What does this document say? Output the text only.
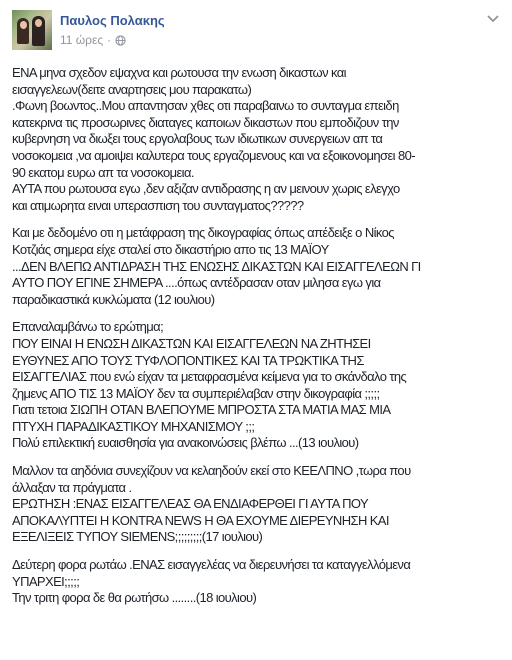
Παυλος Πολακης
11 ώρες ·
ΕΝΑ μηνα σχεδον εψαχνα και ρωτουσα την ενωση δικαστων και
εισαγγελεων(δειτε αναρτησεις μου παρακατω)
.Φωνη βοωντος..Μου απαντησαν χθες οτι παραβαινω το συνταγμα επειδη
κατεκρινα τις προσωρινες διαταγες καποιων δικαστων που εμποδιζουν την
κυβερνηση να διωξει τους εργολαβους των ιδιωτικων συνεργειων απ τα
νοσοκομεια ,να αμοιψει καλυτερα τους εργαζομενους και να εξοικονομησει 80-
90 εκατομ ευρω απ τα νοσοκομεια.
ΑΥΤΑ που ρωτουσα εγω ,δεν αξιζαν αντιδρασης η αν μεινουν χωρις ελεγχο
και ατιμωρητα ειναι υπερασπιση του συνταγματος?????
Και με δεδομένο οτι η μετάφραση της δικογραφίας όπως απέδειξε ο Νίκος
Κοτζιάς σημερα είχε σταλεί στο δικαστήριο απο τις 13 ΜΑΪΟΥ
...ΔΕΝ ΒΛΕΠΩ ΑΝΤΙΔΡΑΣΗ ΤΗΣ ΕΝΩΣΗΣ ΔΙΚΑΣΤΩΝ ΚΑΙ ΕΙΣΑΓΓΕΛΕΩΝ ΓΙ
ΑΥΤΟ ΠΟΥ ΕΓΙΝΕ ΣΗΜΕΡΑ ....όπως αντέδρασαν οταν μιλησα εγω για
παραδικαστικά κυκλώματα (12 ιουλιου)
Επαναλαμβάνω το ερώτημα;
ΠΟΥ ΕΙΝΑΙ Η ΕΝΩΣΗ ΔΙΚΑΣΤΩΝ ΚΑΙ ΕΙΣΑΓΓΕΛΕΩΝ ΝΑ ΖΗΤΗΣΕΙ
ΕΥΘΥΝΕΣ ΑΠΟ ΤΟΥΣ ΤΥΦΛΟΠΟΝΤΙΚΕΣ ΚΑΙ ΤΑ ΤΡΩΚΤΙΚΑ ΤΗΣ
ΕΙΣΑΓΓΕΛΙΑΣ που ενώ είχαν τα μεταφρασμένα κείμενα για το σκάνδαλο της
ζημενς ΑΠΟ ΤΙΣ 13 ΜΑΪΟΥ δεν τα συμπεριέλαβαν στην δικογραφία ;;;;;
Γιατι τετοια ΣΙΩΠΗ ΟΤΑΝ ΒΛΕΠΟΥΜΕ ΜΠΡΟΣΤΑ ΣΤΑ ΜΑΤΙΑ ΜΑΣ ΜΙΑ
ΠΤΥΧΗ ΠΑΡΑΔΙΚΑΣΤΙΚΟΥ ΜΗΧΑΝΙΣΜΟΥ ;;;
Πολύ επιλεκτική ευαισθησία για ανακοινώσεις βλέπω ...(13 ιουλιου)
Μαλλον τα αηδόνια συνεχίζουν να κελαηδούν εκεί στο ΚΕΕΛΠΝΟ ,τωρα που
άλλαξαν τα πράγματα .
ΕΡΩΤΗΣΗ :ΕΝΑΣ ΕΙΣΑΓΓΕΛΕΑΣ ΘΑ ΕΝΔΙΑΦΕΡΘΕΙ ΓΙ ΑΥΤΑ ΠΟΥ
ΑΠΟΚΑΛΥΠΤΕΙ Η KONTRA NEWS Η ΘΑ ΕΧΟΥΜΕ ΔΙΕΡΕΥΝΗΣΗ ΚΑΙ
ΕΞΕΛΙΞΕΙΣ ΤΥΠΟΥ SIEMENS;;;;;;;;;(17 ιουλιου)
Δεύτερη φορα ρωτάω .ΕΝΑΣ εισαγγελέας να διερευνήσει τα καταγγελλόμενα
ΥΠΑΡΧΕΙ;;;;;
Την τριτη φορα δε θα ρωτήσω ........(18 ιουλιου)
